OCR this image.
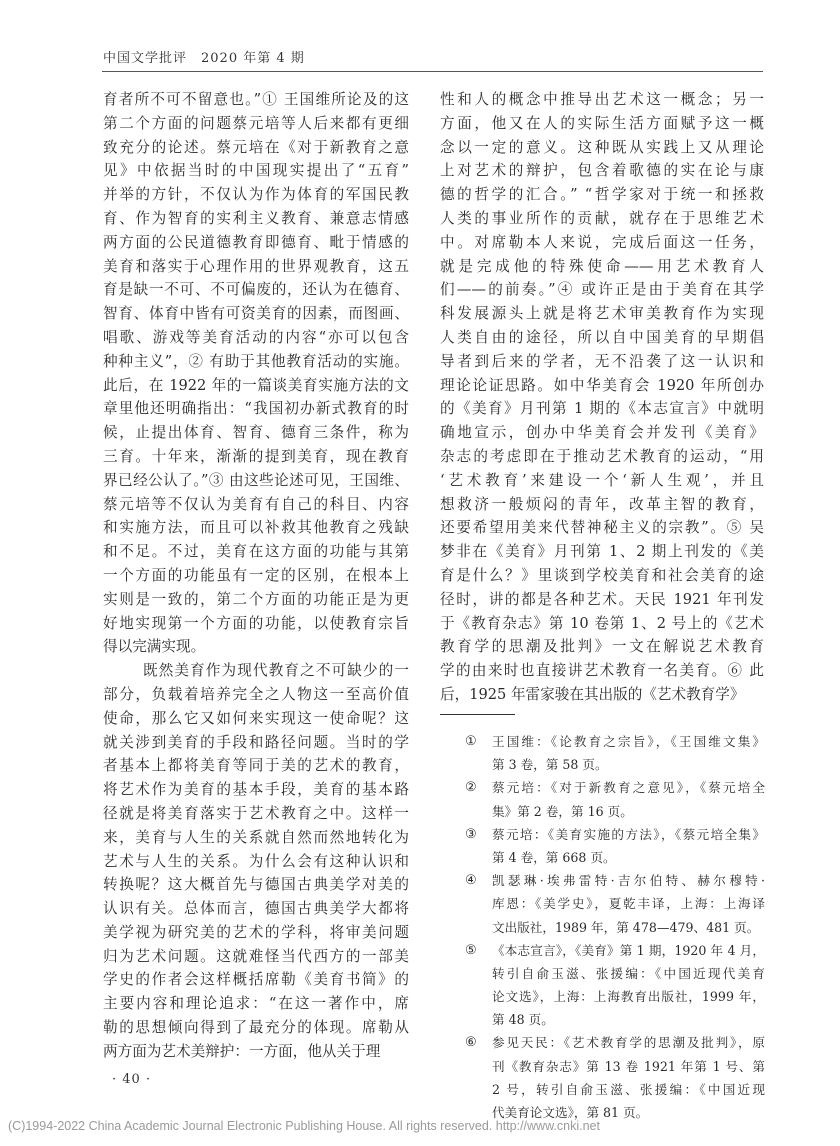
中国文学批评　2020 年第 4 期
育者所不可不留意也。”① 王国维所论及的这
第二个方面的问题蔡元培等人后来都有更细
致充分的论述。蔡元培在《对于新教育之意
见》中依据当时的中国现实提出了“五育”
并举的方针，不仅认为作为体育的军国民教
育、作为智育的实利主义教育、兼意志情感
两方面的公民道德教育即德育、毗于情感的
美育和落实于心理作用的世界观教育，这五
育是缺一不可、不可偏废的，还认为在德育、
智育、体育中皆有可资美育的因素，而图画、
唱歌、游戏等美育活动的内容“亦可以包含
种种主义”，② 有助于其他教育活动的实施。
此后，在 1922 年的一篇谈美育实施方法的文
章里他还明确指出：“我国初办新式教育的时
候，止提出体育、智育、德育三条件，称为
三育。十年来，渐渐的提到美育，现在教育
界已经公认了。”③ 由这些论述可见，王国维、
蔡元培等不仅认为美育有自己的科目、内容
和实施方法，而且可以补救其他教育之残缺
和不足。不过，美育在这方面的功能与其第
一个方面的功能虽有一定的区别，在根本上
实则是一致的，第二个方面的功能正是为更
好地实现第一个方面的功能，以使教育宗旨
得以完满实现。
既然美育作为现代教育之不可缺少的一
部分，负载着培养完全之人物这一至高价值
使命，那么它又如何来实现这一使命呢？这
就关涉到美育的手段和路径问题。当时的学
者基本上都将美育等同于美的艺术的教育，
将艺术作为美育的基本手段，美育的基本路
径就是将美育落实于艺术教育之中。这样一
来，美育与人生的关系就自然而然地转化为
艺术与人生的关系。为什么会有这种认识和
转换呢？这大概首先与德国古典美学对美的
认识有关。总体而言，德国古典美学大都将
美学视为研究美的艺术的学科，将审美问题
归为艺术问题。这就难怪当代西方的一部美
学史的作者会这样概括席勒《美育书简》的
主要内容和理论追求：“在这一著作中，席
勒的思想倾向得到了最充分的体现。席勒从
两方面为艺术美辩护：一方面，他从关于理
性和人的概念中推导出艺术这一概念；另一
方面，他又在人的实际生活方面赋予这一概
念以一定的意义。这种既从实践上又从理论
上对艺术的辩护，包含着歌德的实在论与康
德的哲学的汇合。” “哲学家对于统一和拯救
人类的事业所作的贡献，就存在于思维艺术
中。对席勒本人来说，完成后面这一任务，
就是完成他的特殊使命——用艺术教育人
们——的前奏。”④ 或许正是由于美育在其学
科发展源头上就是将艺术审美教育作为实现
人类自由的途径，所以自中国美育的早期倡
导者到后来的学者，无不沿袭了这一认识和
理论论证思路。如中华美育会 1920 年所创办
的《美育》月刊第 1 期的《本志宣言》中就明
确地宣示，创办中华美育会并发刊《美育》
杂志的考虑即在于推动艺术教育的运动，“用
‘艺术教育’来建设一个‘新人生观’，并且
想救济一般烦闷的青年，改革主智的教育，
还要希望用美来代替神秘主义的宗教”。⑤ 吴
梦非在《美育》月刊第 1、2 期上刊发的《美
育是什么？》里谈到学校美育和社会美育的途
径时，讲的都是各种艺术。天民 1921 年刊发
于《教育杂志》第 10 卷第 1、2 号上的《艺术
教育学的思潮及批判》一文在解说艺术教育
学的由来时也直接讲艺术教育一名美育。⑥ 此
后，1925 年雷家骏在其出版的《艺术教育学》
① 王国维：《论教育之宗旨》，《王国维文集》
第 3 卷，第 58 页。
② 蔡元培：《对于新教育之意见》，《蔡元培全
集》第 2 卷，第 16 页。
③ 蔡元培：《美育实施的方法》，《蔡元培全集》
第 4 卷，第 668 页。
④ 凯瑟琳·埃弗雷特·吉尔伯特、赫尔穆特·
库恩：《美学史》，夏乾丰译，上海：上海译
文出版社，1989 年，第 478—479、481 页。
⑤ 《本志宣言》，《美育》第 1 期，1920 年 4 月，
转引自俞玉滋、张援编：《中国近现代美育
论文选》，上海：上海教育出版社，1999 年，
第 48 页。
⑥ 参见天民：《艺术教育学的思潮及批判》，原
刊《教育杂志》第 13 卷 1921 年第 1 号、第
2 号，转引自俞玉滋、张援编：《中国近现
代美育论文选》，第 81 页。
· 40 ·
(C)1994-2022 China Academic Journal Electronic Publishing House. All rights reserved. http://www.cnki.net
